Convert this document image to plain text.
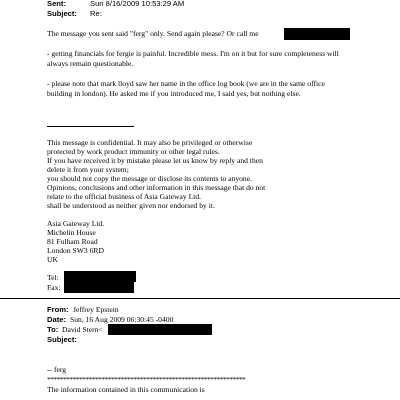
Sent:	Sun 8/16/2009 10:53:29 AM
Subject: Re:
The message you sent said "ferg" only. Send again please? Or call me
- getting financials for fergie is painful. Incredible mess. I'm on it but for sure completeness will
always remain questionable.
- please note that mark lloyd saw her name in the office log book (we are in the same office
building in london). He asked me if you introduced me, I said yes, but nothing else.
This message is confidential. It may also be privileged or otherwise
protected by work product immunity or other legal rules.
If you have received it by mistake please let us know by reply and then
delete it from your system;
you should not copy the message or disclose its contents to anyone.
Opinions, conclusions and other information in this message that do not
relate to the official business of Asia Gateway Ltd.
shall be understood as neither given nor endorsed by it.
Asia Gateway Ltd.
Michelin House
81 Fulham Road
London SW3 6RD
UK
Tel:
Fax:
From: Jeffrey Epstein
Date: Sun, 16 Aug 2009 06:30:45 -0400
To: David Stern<
Subject:
-- ferg
**************************************************************
The information contained in this communication is
